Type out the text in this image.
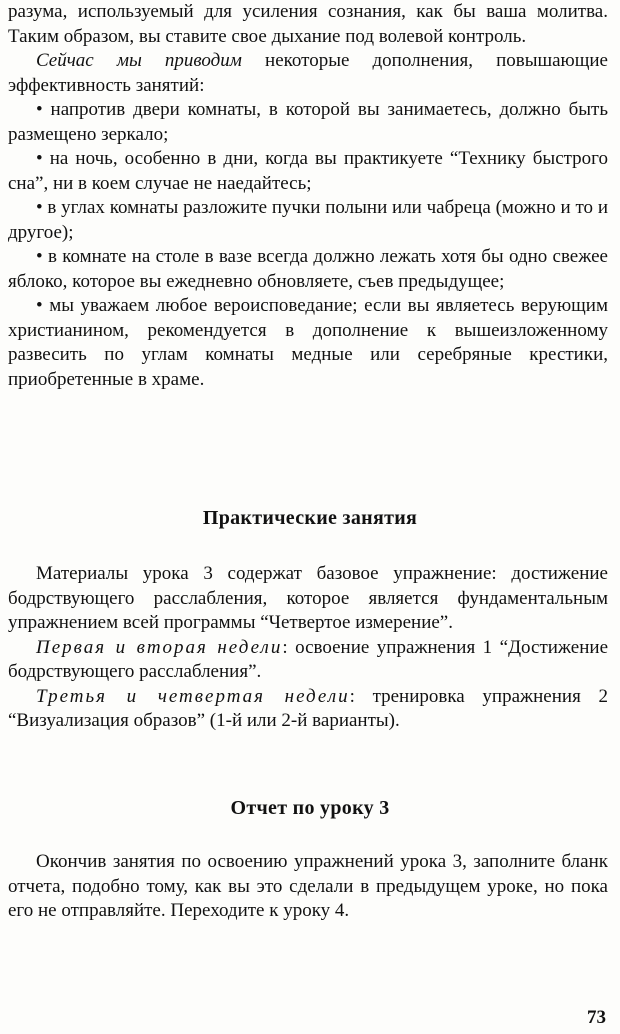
разума, используемый для усиления сознания, как бы ваша молитва. Таким образом, вы ставите свое дыхание под волевой контроль.

Сейчас мы приводим некоторые дополнения, повышающие эффективность занятий:

• напротив двери комнаты, в которой вы занимаетесь, должно быть размещено зеркало;

• на ночь, особенно в дни, когда вы практикуете “Технику быстрого сна”, ни в коем случае не наедайтесь;

• в углах комнаты разложите пучки полыни или чабреца (можно и то и другое);

• в комнате на столе в вазе всегда должно лежать хотя бы одно свежее яблоко, которое вы ежедневно обновляете, съев предыдущее;

• мы уважаем любое вероисповедание; если вы являетесь верующим христианином, рекомендуется в дополнение к вышеизложенному развесить по углам комнаты медные или серебряные крестики, приобретенные в храме.

Практические занятия

Материалы урока 3 содержат базовое упражнение: достижение бодрствующего расслабления, которое является фундаментальным упражнением всей программы “Четвертое измерение”.

Первая и вторая недели: освоение упражнения 1 “Достижение бодрствующего расслабления”.

Третья и четвертая недели: тренировка упражнения 2 “Визуализация образов” (1-й или 2-й варианты).

Отчет по уроку 3

Окончив занятия по освоению упражнений урока 3, заполните бланк отчета, подобно тому, как вы это сделали в предыдущем уроке, но пока его не отправляйте. Переходите к уроку 4.

73
